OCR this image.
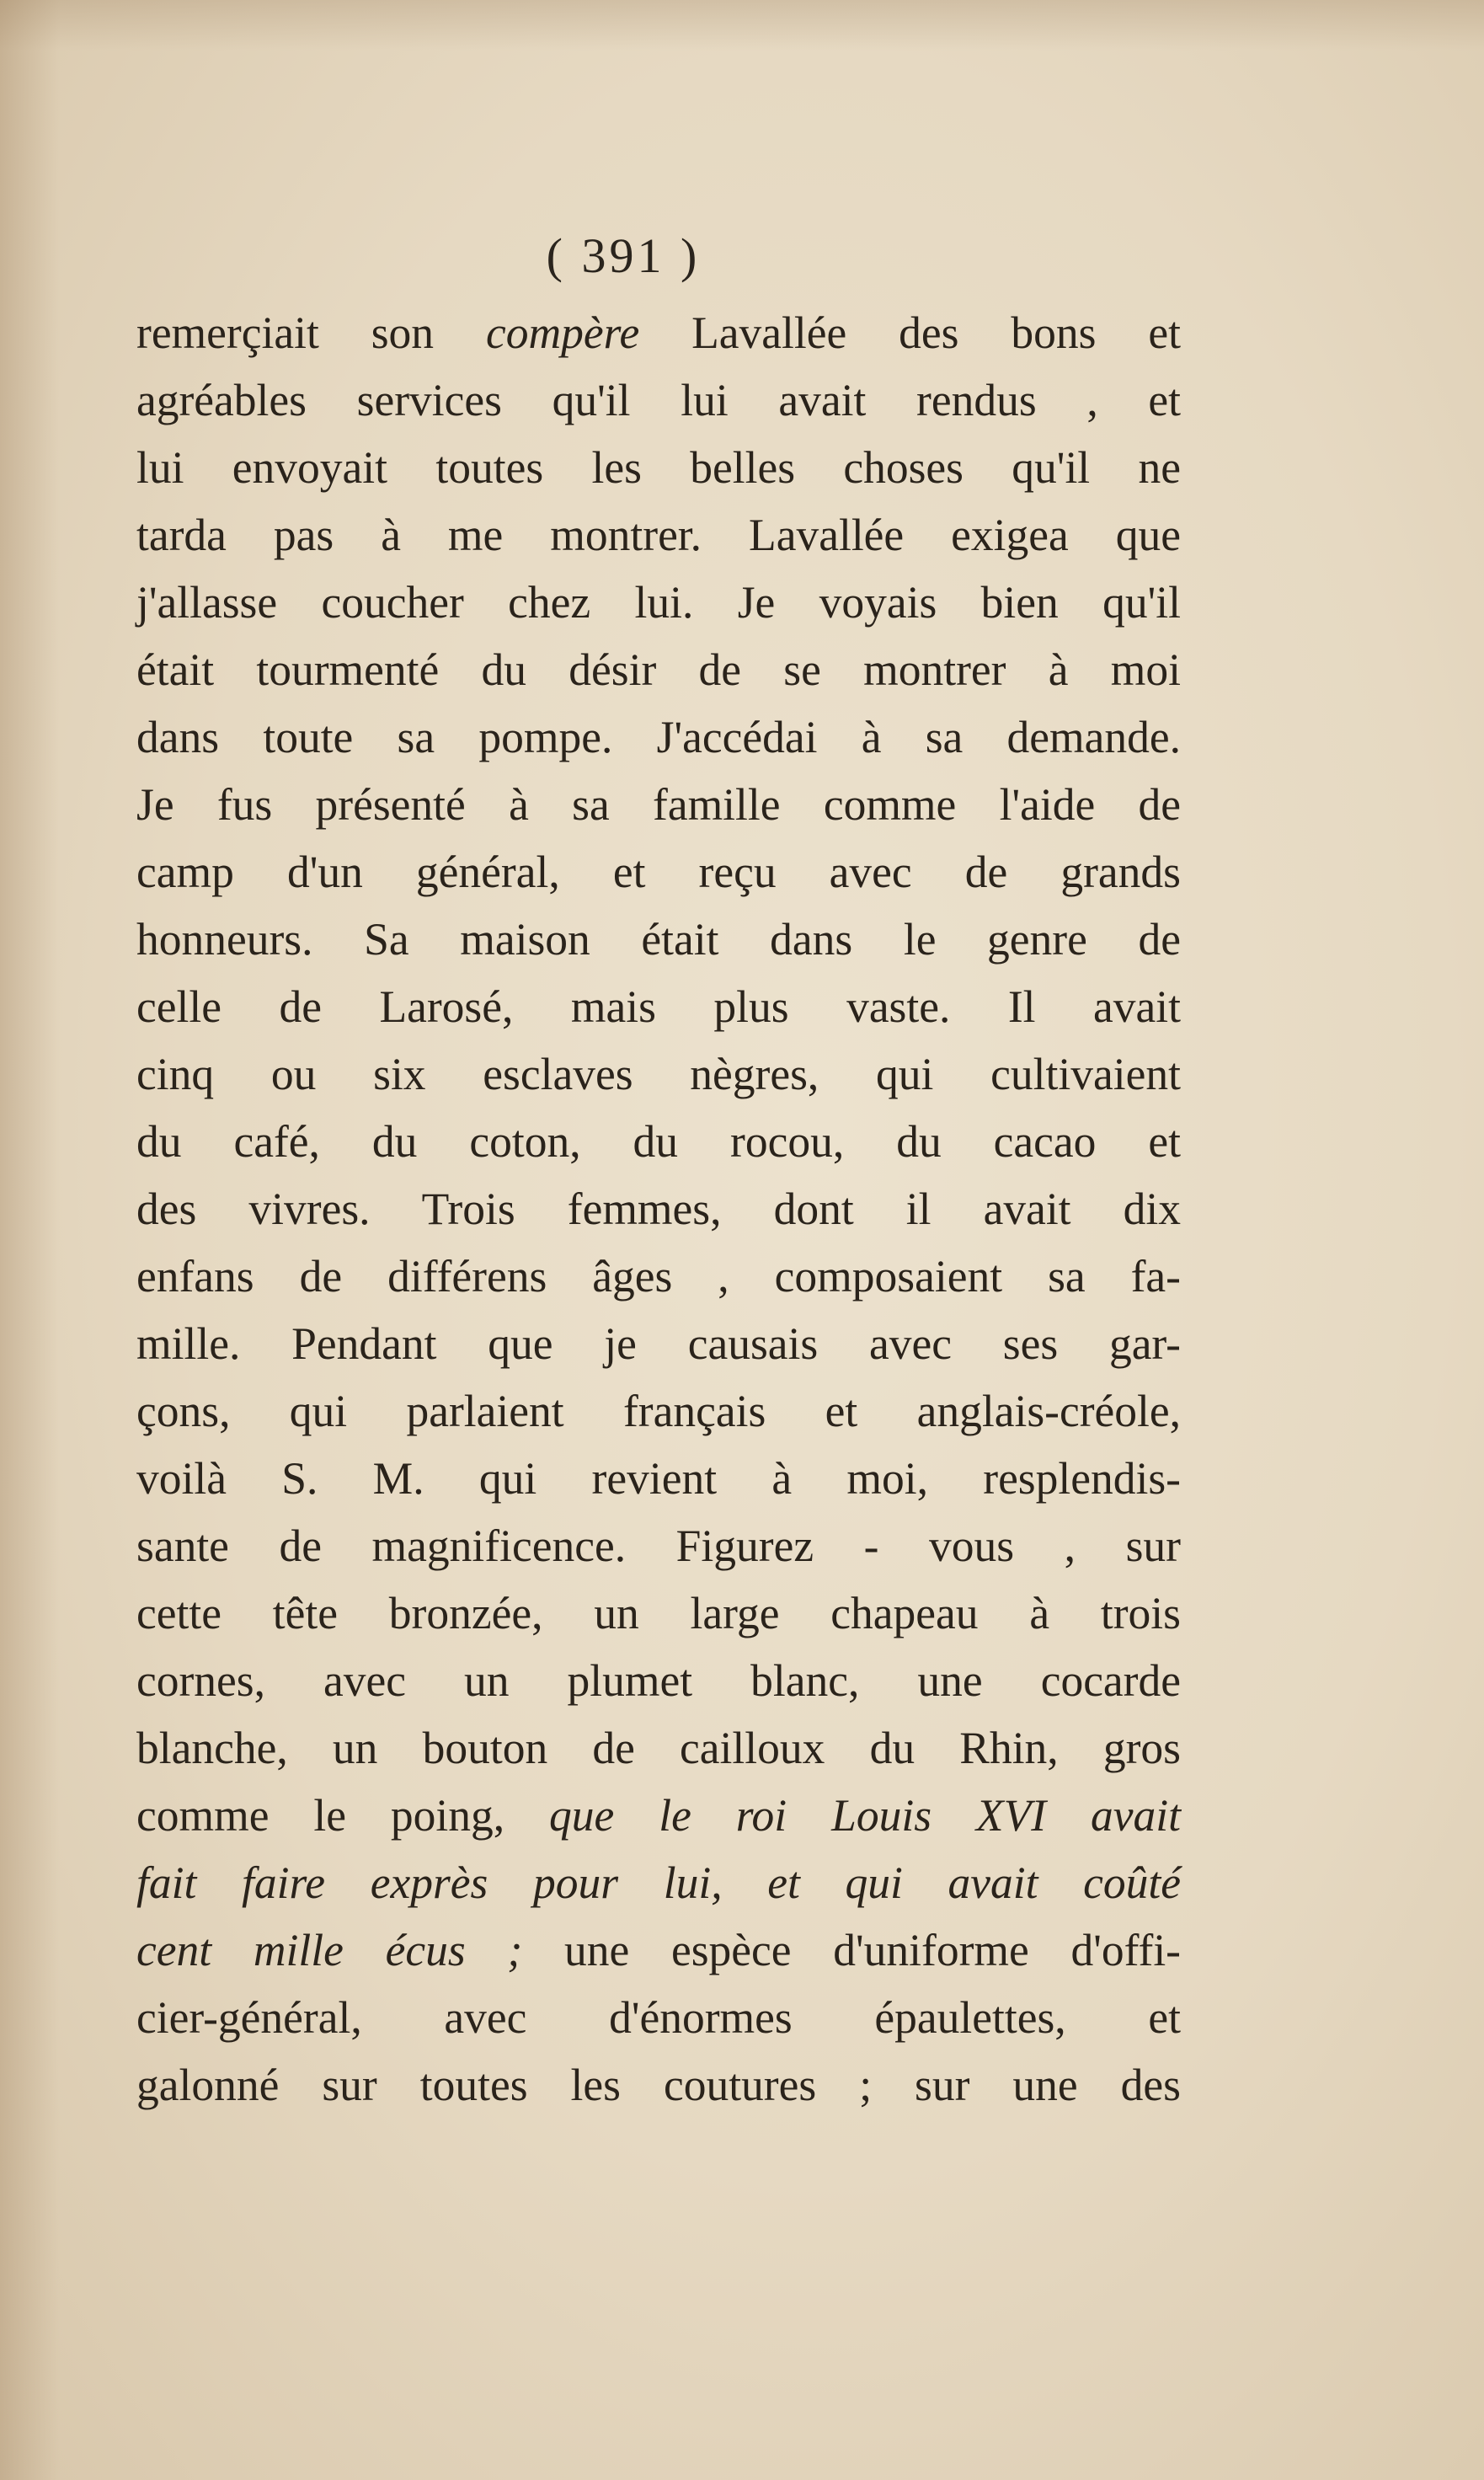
( 391 )
remerçiait son compère Lavallée des bons et
agréables services qu'il lui avait rendus , et
lui envoyait toutes les belles choses qu'il ne
tarda pas à me montrer. Lavallée exigea que
j'allasse coucher chez lui. Je voyais bien qu'il
était tourmenté du désir de se montrer à moi
dans toute sa pompe. J'accédai à sa demande.
Je fus présenté à sa famille comme l'aide de
camp d'un général, et reçu avec de grands
honneurs. Sa maison était dans le genre de
celle de Larosé, mais plus vaste. Il avait
cinq ou six esclaves nègres, qui cultivaient
du café, du coton, du rocou, du cacao et
des vivres. Trois femmes, dont il avait dix
enfans de différens âges , composaient sa fa-
mille. Pendant que je causais avec ses gar-
çons, qui parlaient français et anglais-créole,
voilà S. M. qui revient à moi, resplendis-
sante de magnificence. Figurez - vous , sur
cette tête bronzée, un large chapeau à trois
cornes, avec un plumet blanc, une cocarde
blanche, un bouton de cailloux du Rhin, gros
comme le poing, que le roi Louis XVI avait
fait faire exprès pour lui, et qui avait coûté
cent mille écus ; une espèce d'uniforme d'offi-
cier-général, avec d'énormes épaulettes, et
galonné sur toutes les coutures ; sur une des
